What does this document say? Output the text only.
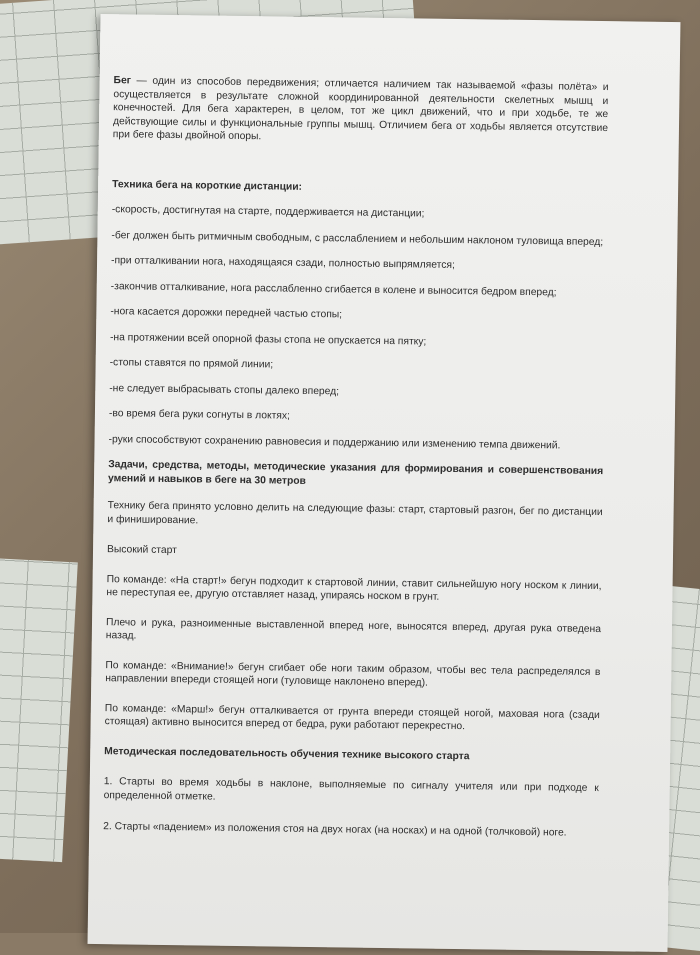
Бег — один из способов передвижения; отличается наличием так называемой «фазы полёта» и осуществляется в результате сложной координированной деятельности скелетных мышц и конечностей. Для бега характерен, в целом, тот же цикл движений, что и при ходьбе, те же действующие силы и функциональные группы мышц. Отличием бега от ходьбы является отсутствие при беге фазы двойной опоры.

Техника бега на короткие дистанции:

-скорость, достигнутая на старте, поддерживается на дистанции;

-бег должен быть ритмичным свободным, с расслаблением и небольшим наклоном туловища вперед;

-при отталкивании нога, находящаяся сзади, полностью выпрямляется;

-закончив отталкивание, нога расслабленно сгибается в колене и выносится бедром вперед;

-нога касается дорожки передней частью стопы;

-на протяжении всей опорной фазы стопа не опускается на пятку;

-стопы ставятся по прямой линии;

-не следует выбрасывать стопы далеко вперед;

-во время бега руки согнуты в локтях;

-руки способствуют сохранению равновесия и поддержанию или изменению темпа движений.

Задачи, средства, методы, методические указания для формирования и совершенствования умений и навыков в беге на 30 метров

Технику бега принято условно делить на следующие фазы: старт, стартовый разгон, бег по дистанции и финиширование.

Высокий старт

По команде: «На старт!» бегун подходит к стартовой линии, ставит сильнейшую ногу носком к линии, не переступая ее, другую отставляет назад, упираясь носком в грунт.

Плечо и рука, разноименные выставленной вперед ноге, выносятся вперед, другая рука отведена назад.

По команде: «Внимание!» бегун сгибает обе ноги таким образом, чтобы вес тела распределялся в направлении впереди стоящей ноги (туловище наклонено вперед).

По команде: «Марш!» бегун отталкивается от грунта впереди стоящей ногой, маховая нога (сзади стоящая) активно выносится вперед от бедра, руки работают перекрестно.

Методическая последовательность обучения технике высокого старта

1. Старты во время ходьбы в наклоне, выполняемые по сигналу учителя или при подходе к определенной отметке.

2. Старты «падением» из положения стоя на двух ногах (на носках) и на одной (толчковой) ноге.
